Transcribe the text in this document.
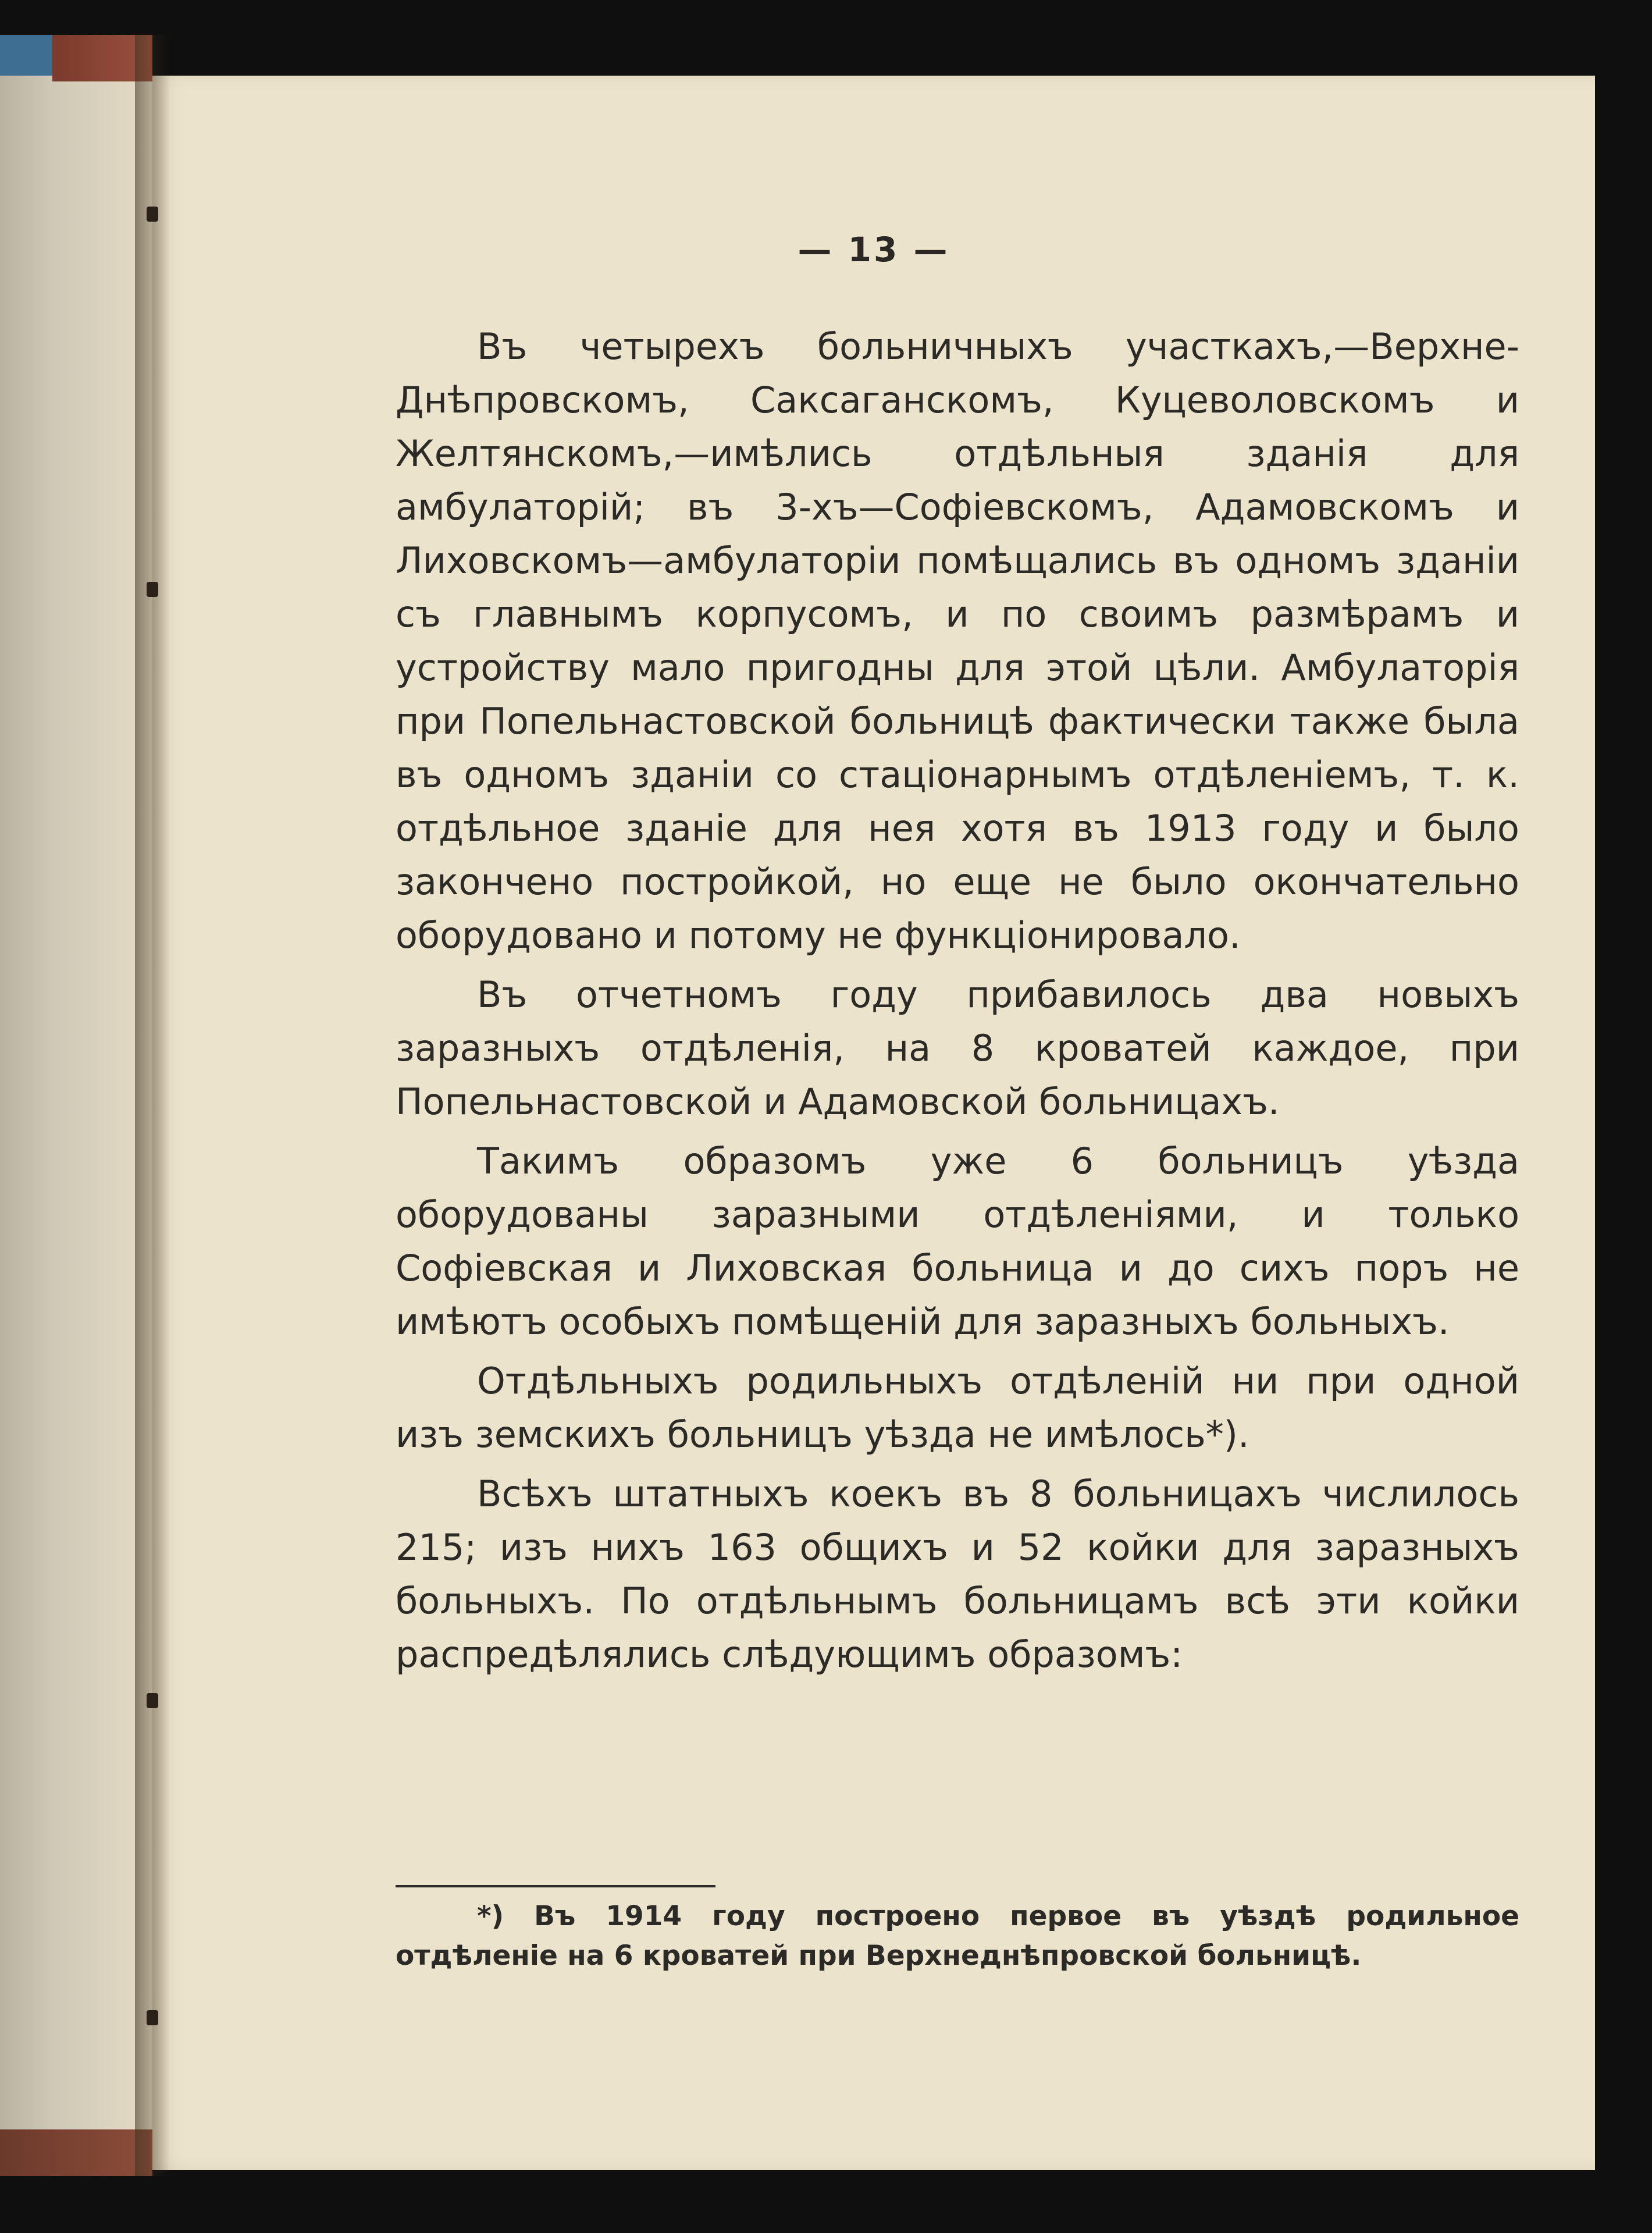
— 13 —

Въ четырехъ больничныхъ участкахъ,—Верхне-Днѣпровскомъ, Саксаганскомъ, Куцеволовскомъ и Желтянскомъ,—имѣлись отдѣльныя зданія для амбулаторій; въ 3-хъ—Софіевскомъ, Адамовскомъ и Лиховскомъ—амбулаторіи помѣщались въ одномъ зданіи съ главнымъ корпусомъ, и по своимъ размѣрамъ и устройству мало пригодны для этой цѣли. Амбулаторія при Попельнастовской больницѣ фактически также была въ одномъ зданіи со стаціонарнымъ отдѣленіемъ, т. к. отдѣльное зданіе для нея хотя въ 1913 году и было закончено постройкой, но еще не было окончательно оборудовано и потому не функціонировало.

Въ отчетномъ году прибавилось два новыхъ заразныхъ отдѣленія, на 8 кроватей каждое, при Попельнастовской и Адамовской больницахъ.

Такимъ образомъ уже 6 больницъ уѣзда оборудованы заразными отдѣленіями, и только Софіевская и Лиховская больница и до сихъ поръ не имѣютъ особыхъ помѣщеній для заразныхъ больныхъ.

Отдѣльныхъ родильныхъ отдѣленій ни при одной изъ земскихъ больницъ уѣзда не имѣлось*).

Всѣхъ штатныхъ коекъ въ 8 больницахъ числилось 215; изъ нихъ 163 общихъ и 52 койки для заразныхъ больныхъ. По отдѣльнымъ больницамъ всѣ эти койки распредѣлялись слѣдующимъ образомъ:

*) Въ 1914 году построено первое въ уѣздѣ родильное отдѣленіе на 6 кроватей при Верхнеднѣпровской больницѣ.
